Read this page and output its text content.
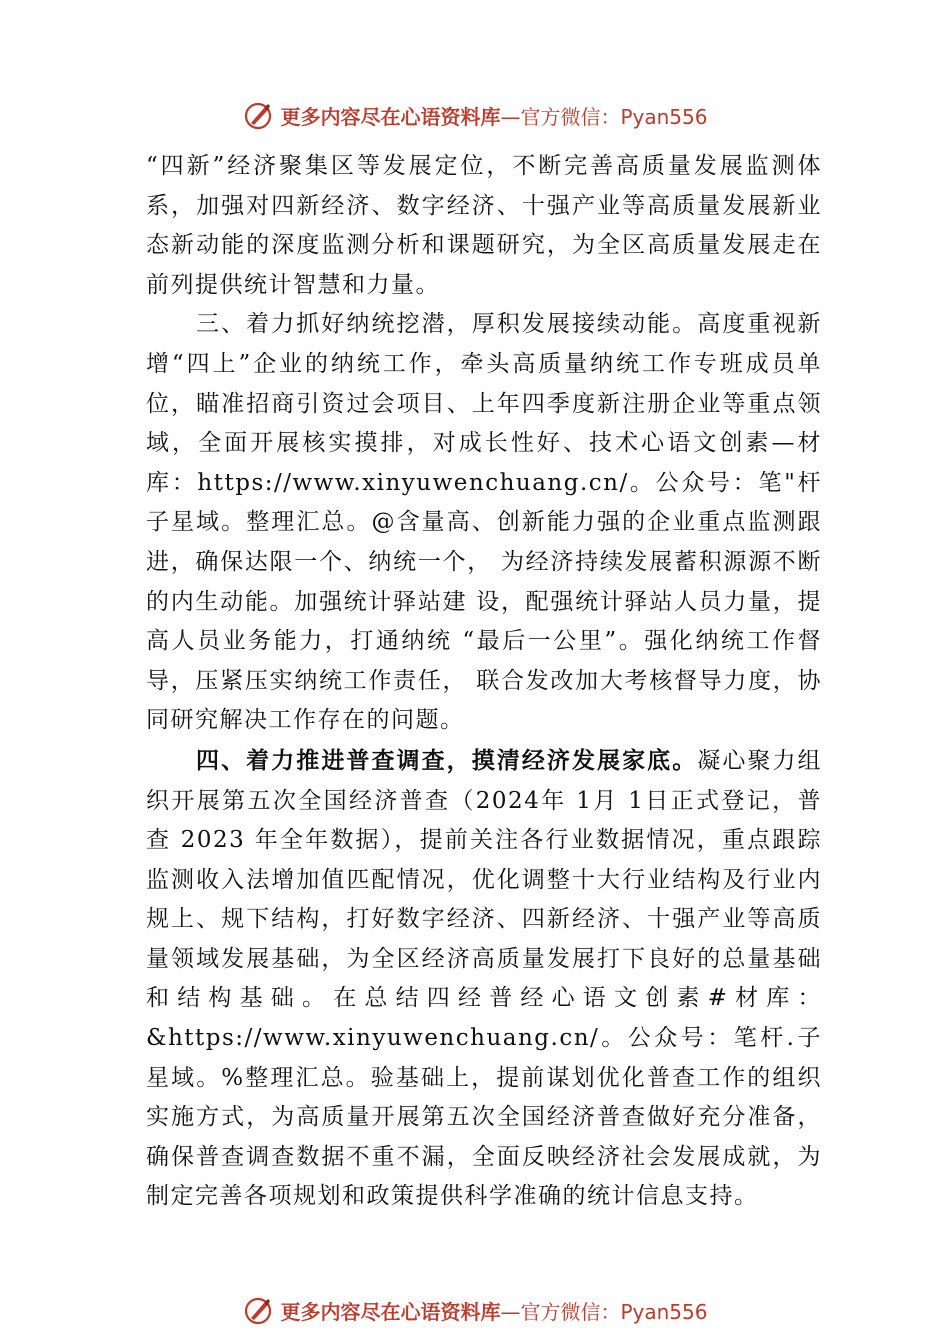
更多内容尽在心语资料库 —官方微信：Pyan556

“四新”经济聚集区等发展定位，不断完善高质量发展监测体系，加强对四新经济、数字经济、十强产业等高质量发展新业态新动能的深度监测分析和课题研究，为全区高质量发展走在前列提供统计智慧和力量。

三、着力抓好纳统挖潜，厚积发展接续动能。高度重视新增“四上”企业的纳统工作，牵头高质量纳统工作专班成员单位，瞄准招商引资过会项目、上年四季度新注册企业等重点领域，全面开展核实摸排，对成长性好、技术心语文创素—材库：https://www.xinyuwenchuang.cn/。公众号：笔"杆子星域。整理汇总。@含量高、创新能力强的企业重点监测跟进，确保达限一个、纳统一个， 为经济持续发展蓄积源源不断的内生动能。加强统计驿站建 设，配强统计驿站人员力量，提高人员业务能力，打通纳统 “最后一公里”。强化纳统工作督导，压紧压实纳统工作责任， 联合发改加大考核督导力度，协同研究解决工作存在的问题。

四、着力推进普查调查，摸清经济发展家底。凝心聚力组织开展第五次全国经济普查（2024年 1月 1日正式登记，普查 2023 年全年数据），提前关注各行业数据情况，重点跟踪监测收入法增加值匹配情况，优化调整十大行业结构及行业内规上、规下结构，打好数字经济、四新经济、十强产业等高质量领域发展基础，为全区经济高质量发展打下良好的总量基础和结构基础。在总结四经普经心语文创素#材库：&https://www.xinyuwenchuang.cn/。公众号：笔杆.子星域。%整理汇总。验基础上，提前谋划优化普查工作的组织实施方式，为高质量开展第五次全国经济普查做好充分准备，确保普查调查数据不重不漏，全面反映经济社会发展成就，为制定完善各项规划和政策提供科学准确的统计信息支持。

更多内容尽在心语资料库 —官方微信：Pyan556
